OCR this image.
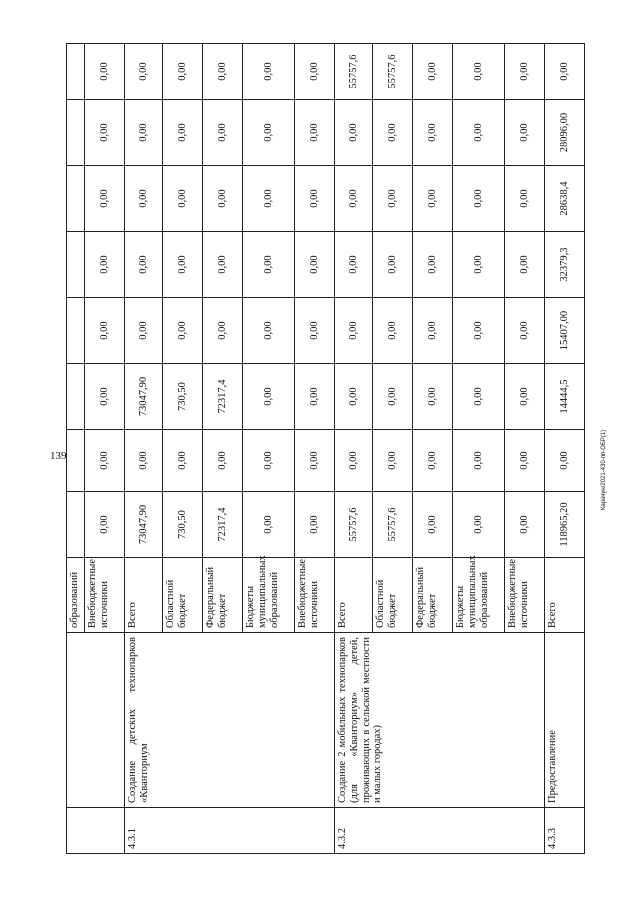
139	Карачун/2021-430-пп-ОБР(1)
		образований								
		Внебюджетные источники	0,00	0,00	0,00	0,00	0,00	0,00	0,00	0,00
4.3.1	Создание детских технопарков «Кванториум	Всего	73047,90	0,00	73047,90	0,00	0,00	0,00	0,00	0,00
		Областной бюджет	730,50	0,00	730,50	0,00	0,00	0,00	0,00	0,00
		Федеральный бюджет	72317,4	0,00	72317,4	0,00	0,00	0,00	0,00	0,00
		Бюджеты муниципальных образований	0,00	0,00	0,00	0,00	0,00	0,00	0,00	0,00
		Внебюджетные источники	0,00	0,00	0,00	0,00	0,00	0,00	0,00	0,00
4.3.2	Создание 2 мобильных технопарков (для «Кванториум» детей, проживающих в сельской местности и малых городах)	Всего	55757,6	0,00	0,00	0,00	0,00	0,00	0,00	55757,6
		Областной бюджет	55757,6	0,00	0,00	0,00	0,00	0,00	0,00	55757,6
		Федеральный бюджет	0,00	0,00	0,00	0,00	0,00	0,00	0,00	0,00
		Бюджеты муниципальных образований	0,00	0,00	0,00	0,00	0,00	0,00	0,00	0,00
		Внебюджетные источники	0,00	0,00	0,00	0,00	0,00	0,00	0,00	0,00
4.3.3	Предоставление	Всего	118965,20	0,00	14444,5	15407,00	32379,3	28638,4	28096,00	0,00
